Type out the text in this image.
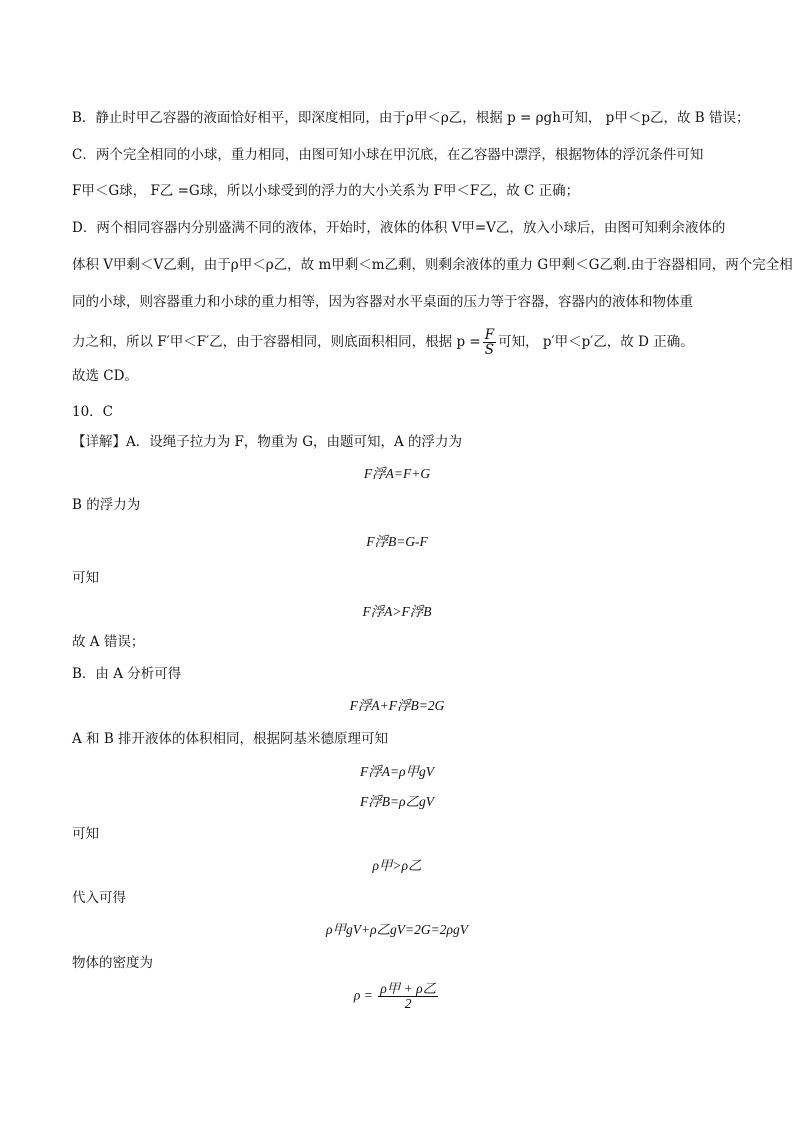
B．静止时甲乙容器的液面恰好相平，即深度相同，由于ρ甲＜ρ乙，根据 p = ρgh可知， p甲＜p乙，故 B 错误；
C．两个完全相同的小球，重力相同，由图可知小球在甲沉底，在乙容器中漂浮，根据物体的浮沉条件可知
F甲＜G球， F乙 =G球，所以小球受到的浮力的大小关系为 F甲＜F乙，故 C 正确；
D．两个相同容器内分别盛满不同的液体，开始时，液体的体积 V甲=V乙，放入小球后，由图可知剩余液体的
体积 V甲剩＜V乙剩，由于ρ甲＜ρ乙，故 m甲剩＜m乙剩，则剩余液体的重力 G甲剩＜G乙剩.由于容器相同，两个完全相
同的小球，则容器重力和小球的重力相等，因为容器对水平桌面的压力等于容器，容器内的液体和物体重
力之和，所以 F′甲＜F′乙，由于容器相同，则底面积相同，根据 $p = \frac{F}{S}$ 可知， p′甲＜p′乙，故 D 正确。
故选 CD。
10．C
【详解】A．设绳子拉力为 F，物重为 G，由题可知，A 的浮力为
F浮A=F+G
B 的浮力为
F浮B=G-F
可知
F浮A>F浮B
故 A 错误；
B．由 A 分析可得
F浮A+F浮B=2G
A 和 B 排开液体的体积相同，根据阿基米德原理可知
F浮A=ρ甲gV
F浮B=ρ乙gV
可知
ρ甲>ρ乙
代入可得
ρ甲gV+ρ乙gV=2G=2ρgV
物体的密度为
$\rho = \frac{\text{ρ甲 + ρ乙}}{2}$
